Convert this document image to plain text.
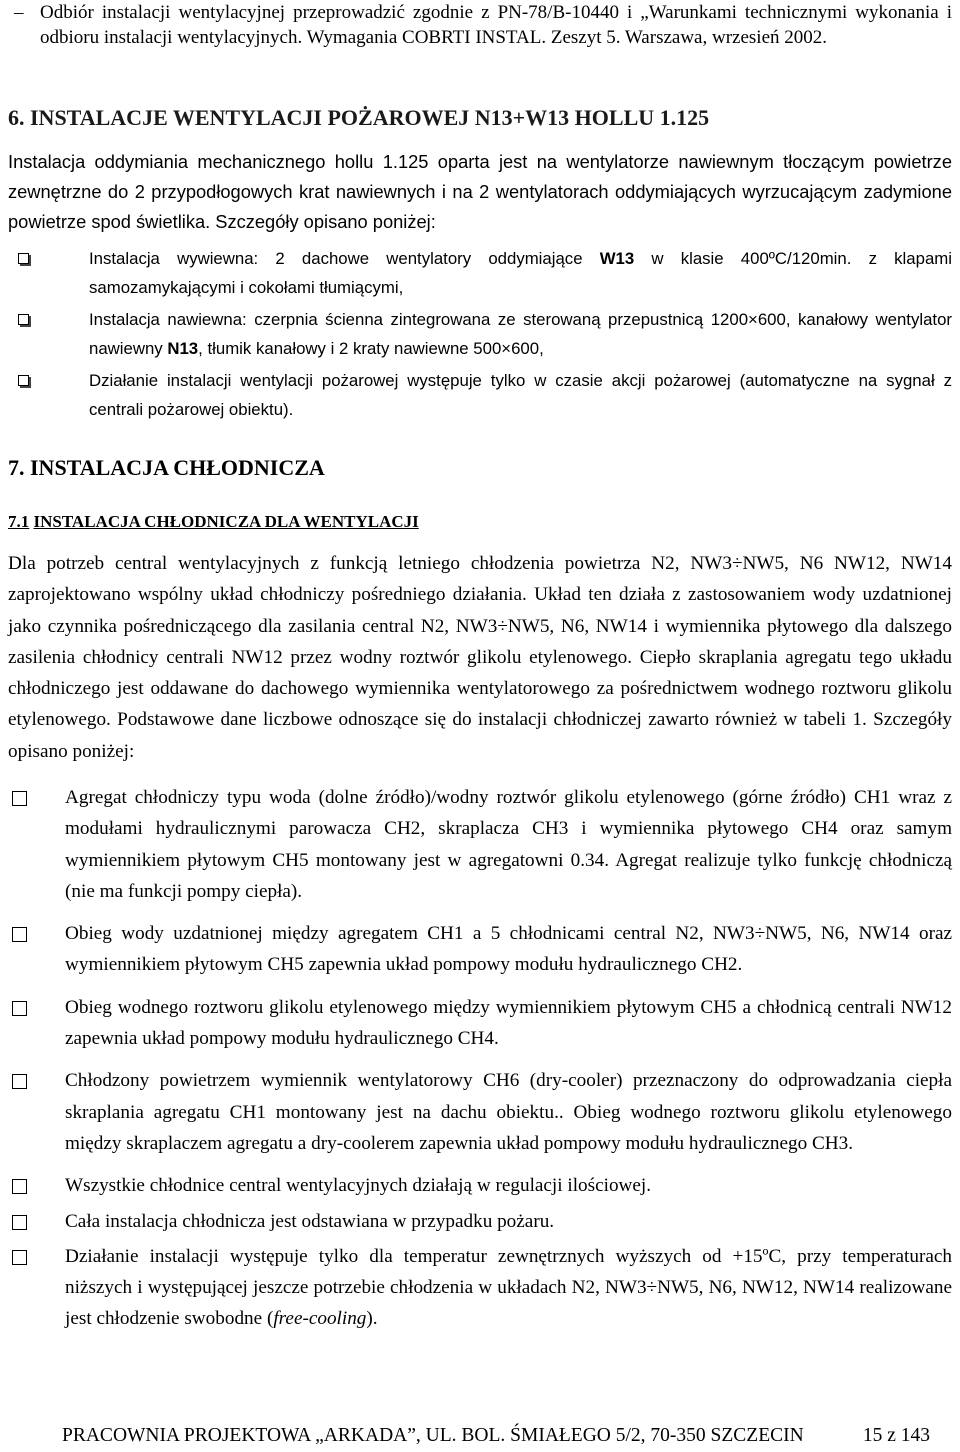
– Odbiór instalacji wentylacyjnej przeprowadzić zgodnie z PN-78/B-10440 i „Warunkami technicznymi wykonania i odbioru instalacji wentylacyjnych. Wymagania COBRTI INSTAL. Zeszyt 5. Warszawa, wrzesień 2002.
6. INSTALACJE WENTYLACJI POŻAROWEJ N13+W13 HOLLU 1.125
Instalacja oddymiania mechanicznego hollu 1.125 oparta jest na wentylatorze nawiewnym tłoczącym powietrze zewnętrzne do 2 przypodłogowych krat nawiewnych i na 2 wentylatorach oddymiających wyrzucającym zadymione powietrze spod świetlika. Szczegóły opisano poniżej:
Instalacja wywiewna: 2 dachowe wentylatory oddymiające W13 w klasie 400ºC/120min. z klapami samozamykającymi i cokołami tłumiącymi,
Instalacja nawiewna: czerpnia ścienna zintegrowana ze sterowaną przepustnicą 1200×600, kanałowy wentylator nawiewny N13, tłumik kanałowy i 2 kraty nawiewne 500×600,
Działanie instalacji wentylacji pożarowej występuje tylko w czasie akcji pożarowej (automatyczne na sygnał z centrali pożarowej obiektu).
7. INSTALACJA CHŁODNICZA
7.1 INSTALACJA CHŁODNICZA DLA WENTYLACJI
Dla potrzeb central wentylacyjnych z funkcją letniego chłodzenia powietrza N2, NW3÷NW5, N6 NW12, NW14 zaprojektowano wspólny układ chłodniczy pośredniego działania. Układ ten działa z zastosowaniem wody uzdatnionej jako czynnika pośredniczącego dla zasilania central N2, NW3÷NW5, N6, NW14 i wymiennika płytowego dla dalszego zasilenia chłodnicy centrali NW12 przez wodny roztwór glikolu etylenowego. Ciepło skraplania agregatu tego układu chłodniczego jest oddawane do dachowego wymiennika wentylatorowego za pośrednictwem wodnego roztworu glikolu etylenowego. Podstawowe dane liczbowe odnoszące się do instalacji chłodniczej zawarto również w tabeli 1. Szczegóły opisano poniżej:
Agregat chłodniczy typu woda (dolne źródło)/wodny roztwór glikolu etylenowego (górne źródło) CH1 wraz z modułami hydraulicznymi parowacza CH2, skraplacza CH3 i wymiennika płytowego CH4 oraz samym wymiennikiem płytowym CH5 montowany jest w agregatowni 0.34. Agregat realizuje tylko funkcję chłodniczą (nie ma funkcji pompy ciepła).
Obieg wody uzdatnionej między agregatem CH1 a 5 chłodnicami central N2, NW3÷NW5, N6, NW14 oraz wymiennikiem płytowym CH5 zapewnia układ pompowy modułu hydraulicznego CH2.
Obieg wodnego roztworu glikolu etylenowego między wymiennikiem płytowym CH5 a chłodnicą centrali NW12 zapewnia układ pompowy modułu hydraulicznego CH4.
Chłodzony powietrzem wymiennik wentylatorowy CH6 (dry-cooler) przeznaczony do odprowadzania ciepła skraplania agregatu CH1 montowany jest na dachu obiektu.. Obieg wodnego roztworu glikolu etylenowego między skraplaczem agregatu a dry-coolerem zapewnia układ pompowy modułu hydraulicznego CH3.
Wszystkie chłodnice central wentylacyjnych działają w regulacji ilościowej.
Cała instalacja chłodnicza jest odstawiana w przypadku pożaru.
Działanie instalacji występuje tylko dla temperatur zewnętrznych wyższych od +15ºC, przy temperaturach niższych i występującej jeszcze potrzebie chłodzenia w układach N2, NW3÷NW5, N6, NW12, NW14 realizowane jest chłodzenie swobodne (free-cooling).
PRACOWNIA PROJEKTOWA „ARKADA”, UL. BOL. ŚMIAŁEGO 5/2, 70-350 SZCZECIN	15 z 143
